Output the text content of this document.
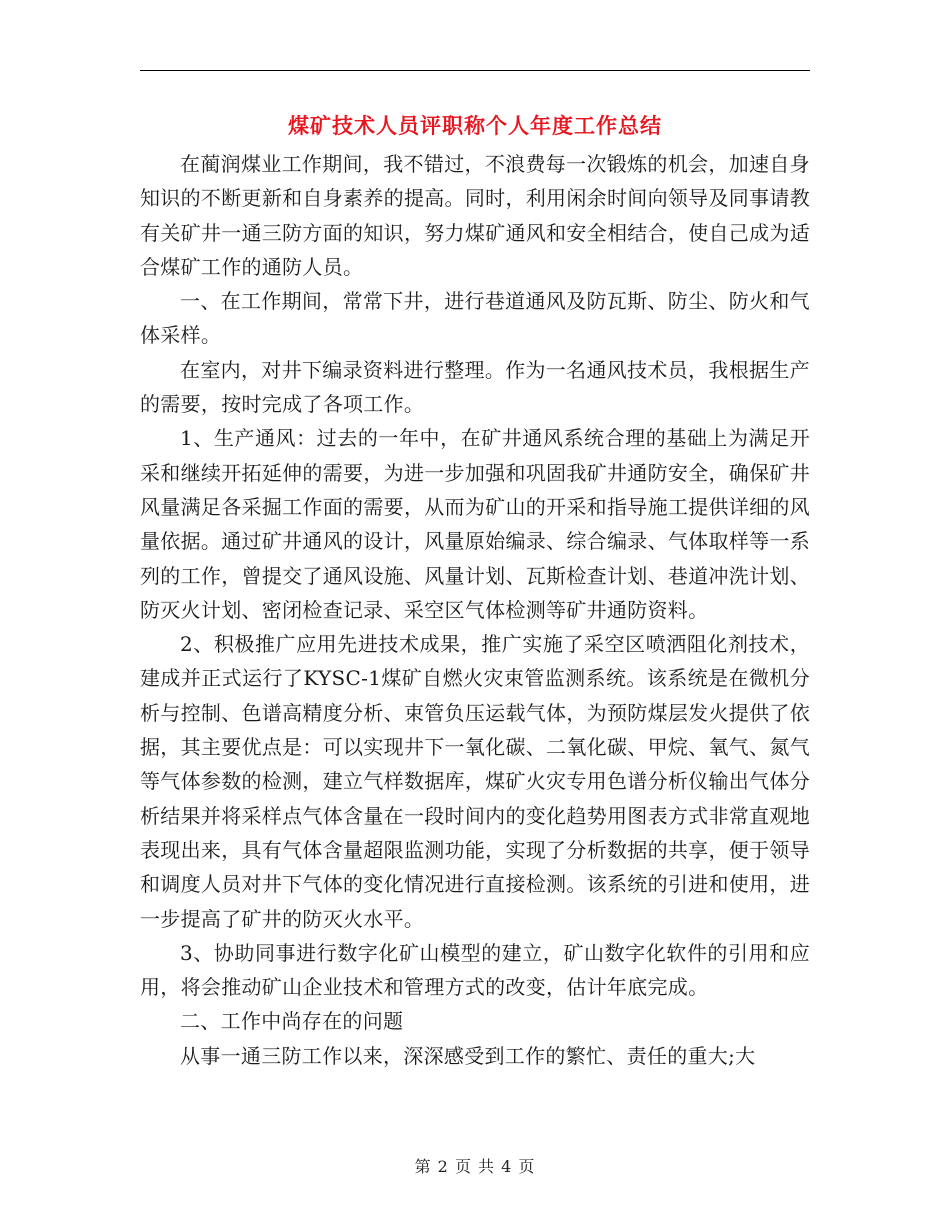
煤矿技术人员评职称个人年度工作总结

在蔺润煤业工作期间，我不错过，不浪费每一次锻炼的机会，加速自身知识的不断更新和自身素养的提高。同时，利用闲余时间向领导及同事请教有关矿井一通三防方面的知识，努力煤矿通风和安全相结合，使自己成为适合煤矿工作的通防人员。

一、在工作期间，常常下井，进行巷道通风及防瓦斯、防尘、防火和气体采样。

在室内，对井下编录资料进行整理。作为一名通风技术员，我根据生产的需要，按时完成了各项工作。

1、生产通风：过去的一年中，在矿井通风系统合理的基础上为满足开采和继续开拓延伸的需要，为进一步加强和巩固我矿井通防安全，确保矿井风量满足各采掘工作面的需要，从而为矿山的开采和指导施工提供详细的风量依据。通过矿井通风的设计，风量原始编录、综合编录、气体取样等一系列的工作，曾提交了通风设施、风量计划、瓦斯检查计划、巷道冲洗计划、防灭火计划、密闭检查记录、采空区气体检测等矿井通防资料。

2、积极推广应用先进技术成果，推广实施了采空区喷洒阻化剂技术，建成并正式运行了KYSC-1煤矿自燃火灾束管监测系统。该系统是在微机分析与控制、色谱高精度分析、束管负压运载气体，为预防煤层发火提供了依据，其主要优点是：可以实现井下一氧化碳、二氧化碳、甲烷、氧气、氮气等气体参数的检测，建立气样数据库，煤矿火灾专用色谱分析仪输出气体分析结果并将采样点气体含量在一段时间内的变化趋势用图表方式非常直观地表现出来，具有气体含量超限监测功能，实现了分析数据的共享，便于领导和调度人员对井下气体的变化情况进行直接检测。该系统的引进和使用，进一步提高了矿井的防灭火水平。

3、协助同事进行数字化矿山模型的建立，矿山数字化软件的引用和应用，将会推动矿山企业技术和管理方式的改变，估计年底完成。

二、工作中尚存在的问题

从事一通三防工作以来，深深感受到工作的繁忙、责任的重大;大

第 2 页 共 4 页
